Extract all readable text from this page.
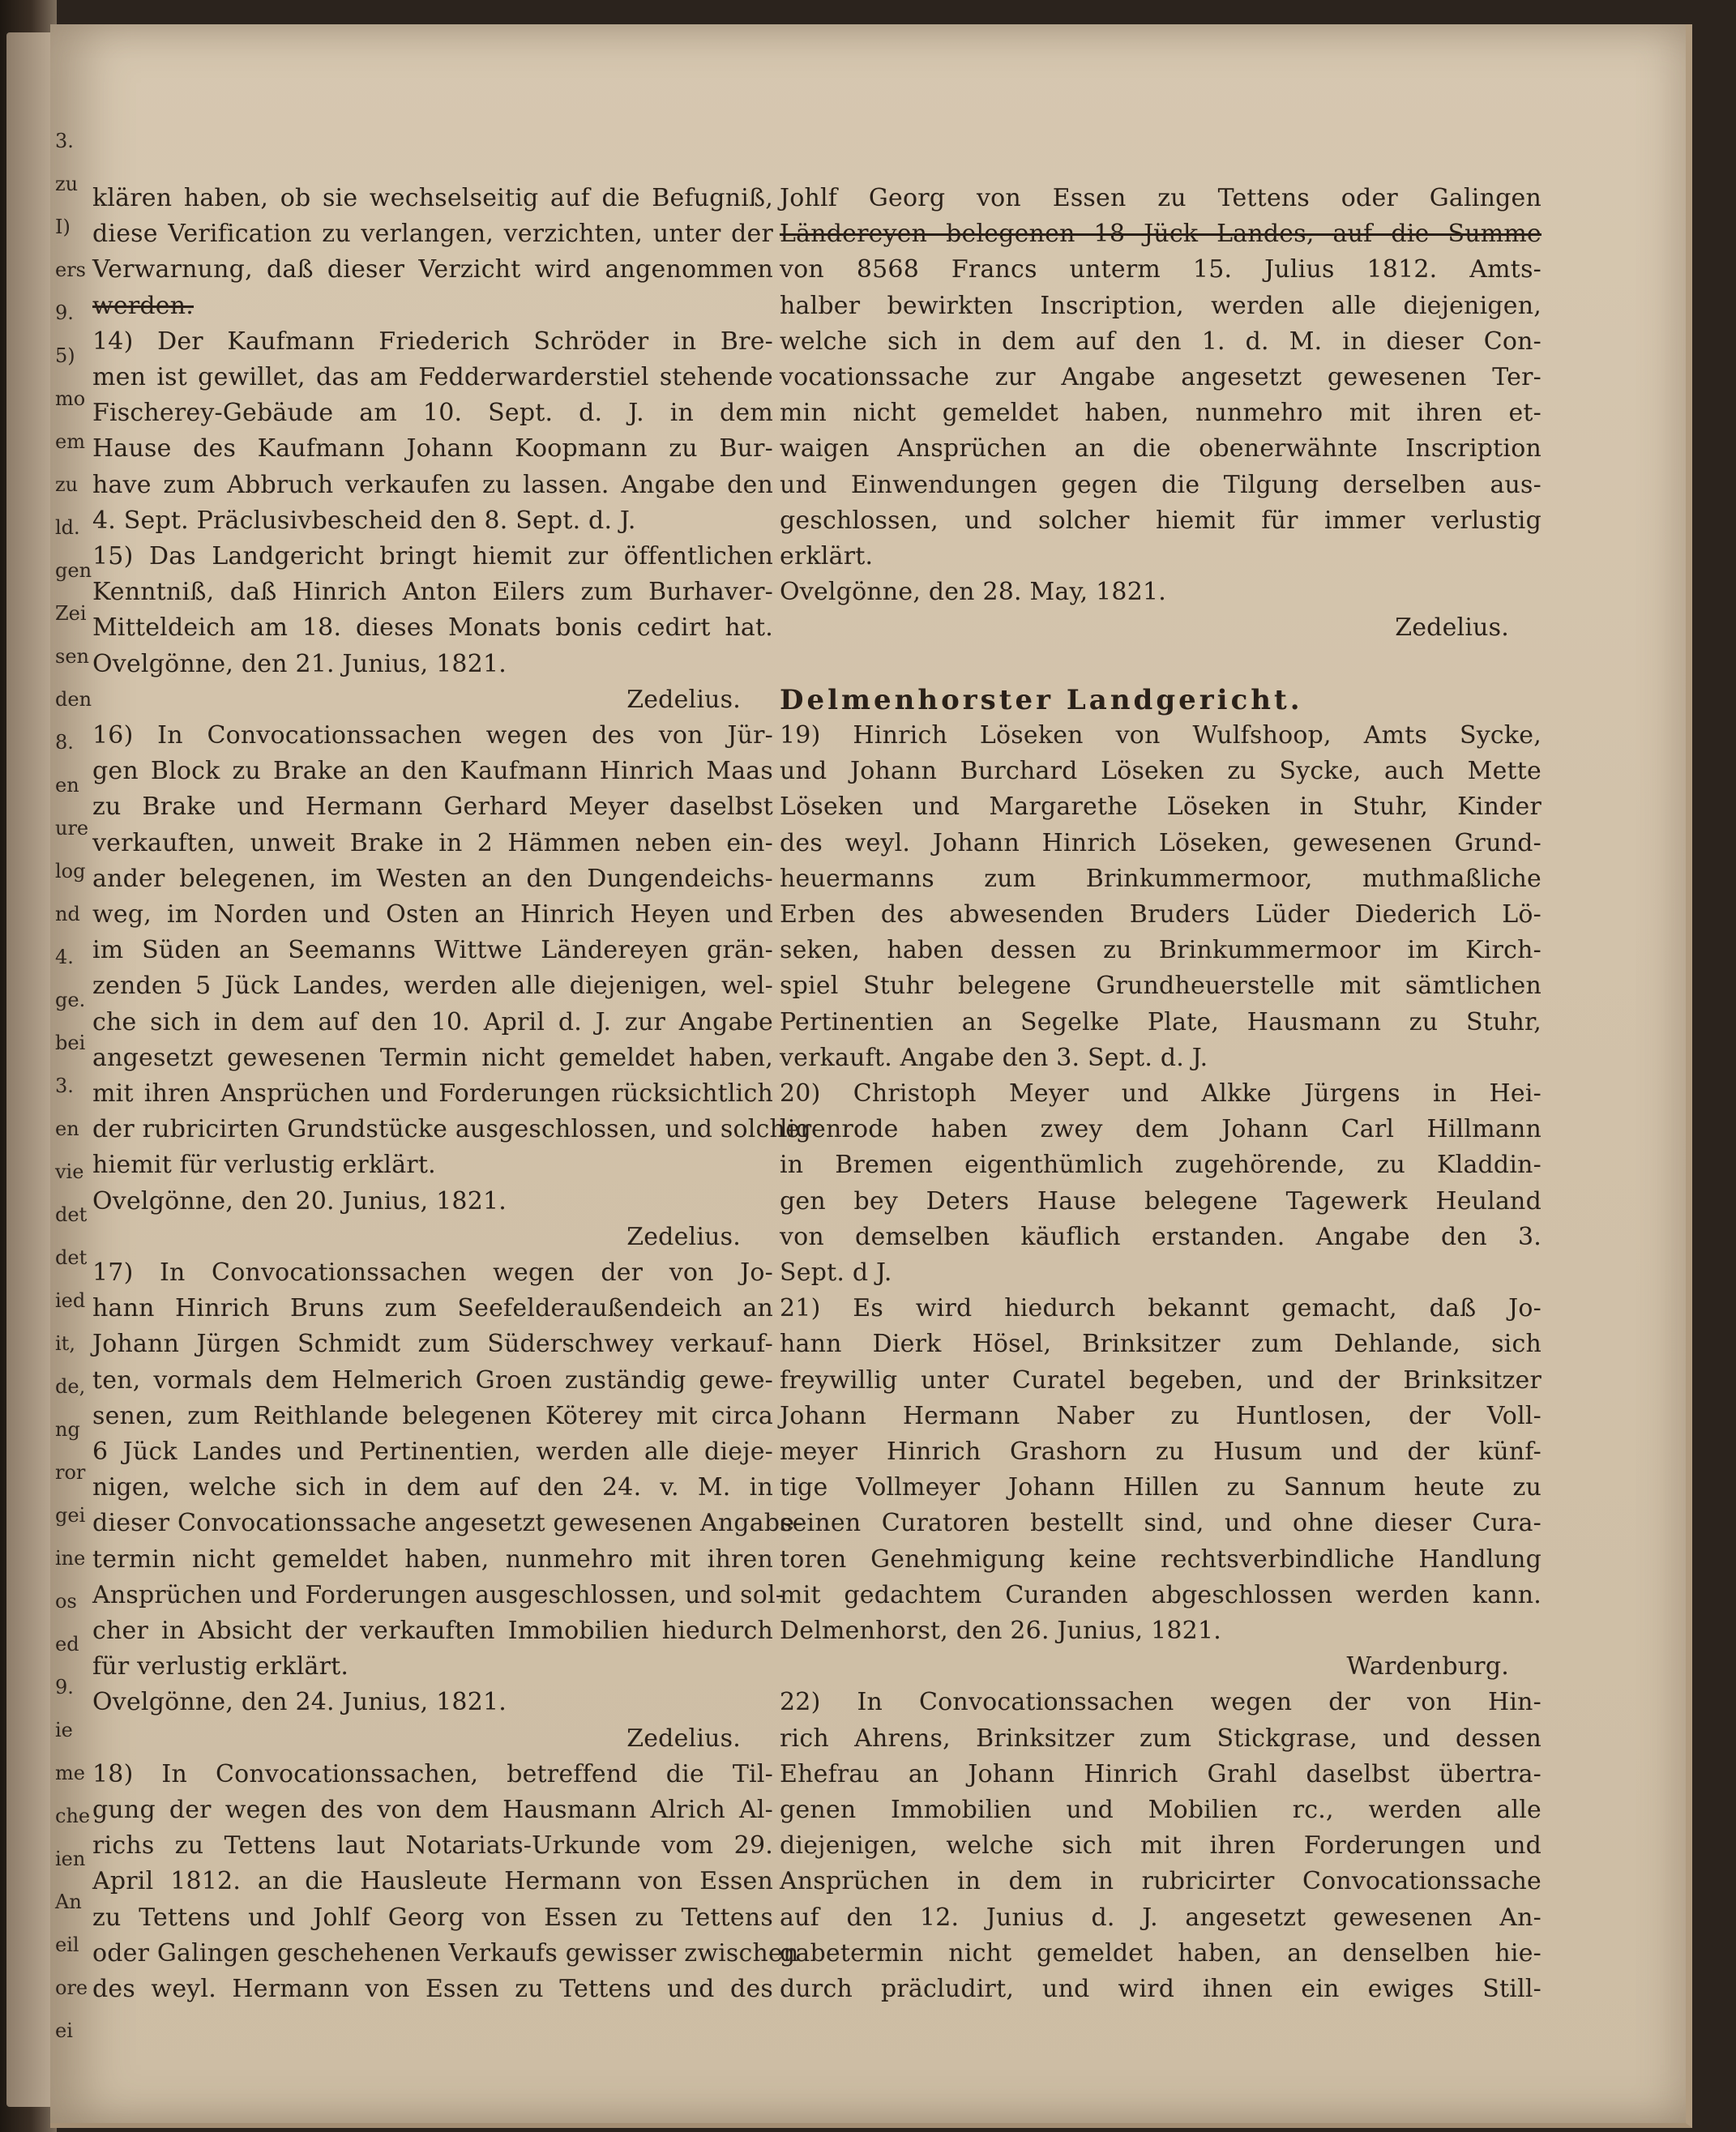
3.
zu
I)
ers
9.
5)
mo
em
zu
ld.
gen
Zei
sen
den
8.
en
ure
log
nd
4.
ge.
bei
3.
en
vie
det
det
ied
it,
de,
ng
ror
gei
ine
os
ed
9.
ie
me
che
ien
An
eil
ore
ei
klären haben, ob sie wechselseitig auf die Befugniß,
diese Verification zu verlangen, verzichten, unter der
Verwarnung, daß dieser Verzicht wird angenommen
werden.
14) Der Kaufmann Friederich Schröder in Bre-
men ist gewillet, das am Fedderwarderstiel stehende
Fischerey-Gebäude am 10. Sept. d. J. in dem
Hause des Kaufmann Johann Koopmann zu Bur-
have zum Abbruch verkaufen zu lassen. Angabe den
4. Sept. Präclusivbescheid den 8. Sept. d. J.
15) Das Landgericht bringt hiemit zur öffentlichen
Kenntniß, daß Hinrich Anton Eilers zum Burhaver-
Mitteldeich am 18. dieses Monats bonis cedirt hat.
Ovelgönne, den 21. Junius, 1821.
Zedelius.
16) In Convocationssachen wegen des von Jür-
gen Block zu Brake an den Kaufmann Hinrich Maas
zu Brake und Hermann Gerhard Meyer daselbst
verkauften, unweit Brake in 2 Hämmen neben ein-
ander belegenen, im Westen an den Dungendeichs-
weg, im Norden und Osten an Hinrich Heyen und
im Süden an Seemanns Wittwe Ländereyen grän-
zenden 5 Jück Landes, werden alle diejenigen, wel-
che sich in dem auf den 10. April d. J. zur Angabe
angesetzt gewesenen Termin nicht gemeldet haben,
mit ihren Ansprüchen und Forderungen rücksichtlich
der rubricirten Grundstücke ausgeschlossen, und solcher
hiemit für verlustig erklärt.
Ovelgönne, den 20. Junius, 1821.
Zedelius.
17) In Convocationssachen wegen der von Jo-
hann Hinrich Bruns zum Seefelderaußendeich an
Johann Jürgen Schmidt zum Süderschwey verkauf-
ten, vormals dem Helmerich Groen zuständig gewe-
senen, zum Reithlande belegenen Köterey mit circa
6 Jück Landes und Pertinentien, werden alle dieje-
nigen, welche sich in dem auf den 24. v. M. in
dieser Convocationssache angesetzt gewesenen Angabe-
termin nicht gemeldet haben, nunmehro mit ihren
Ansprüchen und Forderungen ausgeschlossen, und sol-
cher in Absicht der verkauften Immobilien hiedurch
für verlustig erklärt.
Ovelgönne, den 24. Junius, 1821.
Zedelius.
18) In Convocationssachen, betreffend die Til-
gung der wegen des von dem Hausmann Alrich Al-
richs zu Tettens laut Notariats-Urkunde vom 29.
April 1812. an die Hausleute Hermann von Essen
zu Tettens und Johlf Georg von Essen zu Tettens
oder Galingen geschehenen Verkaufs gewisser zwischen
des weyl. Hermann von Essen zu Tettens und des
Johlf Georg von Essen zu Tettens oder Galingen
Ländereyen belegenen 18 Jück Landes, auf die Summe
von 8568 Francs unterm 15. Julius 1812. Amts-
halber bewirkten Inscription, werden alle diejenigen,
welche sich in dem auf den 1. d. M. in dieser Con-
vocationssache zur Angabe angesetzt gewesenen Ter-
min nicht gemeldet haben, nunmehro mit ihren et-
waigen Ansprüchen an die obenerwähnte Inscription
und Einwendungen gegen die Tilgung derselben aus-
geschlossen, und solcher hiemit für immer verlustig
erklärt.
Ovelgönne, den 28. May, 1821.
Zedelius.
Delmenhorster Landgericht.
19) Hinrich Löseken von Wulfshoop, Amts Sycke,
und Johann Burchard Löseken zu Sycke, auch Mette
Löseken und Margarethe Löseken in Stuhr, Kinder
des weyl. Johann Hinrich Löseken, gewesenen Grund-
heuermanns zum Brinkummermoor, muthmaßliche
Erben des abwesenden Bruders Lüder Diederich Lö-
seken, haben dessen zu Brinkummermoor im Kirch-
spiel Stuhr belegene Grundheuerstelle mit sämtlichen
Pertinentien an Segelke Plate, Hausmann zu Stuhr,
verkauft. Angabe den 3. Sept. d. J.
20) Christoph Meyer und Alkke Jürgens in Hei-
ligenrode haben zwey dem Johann Carl Hillmann
in Bremen eigenthümlich zugehörende, zu Kladdin-
gen bey Deters Hause belegene Tagewerk Heuland
von demselben käuflich erstanden. Angabe den 3.
Sept. d J.
21) Es wird hiedurch bekannt gemacht, daß Jo-
hann Dierk Hösel, Brinksitzer zum Dehlande, sich
freywillig unter Curatel begeben, und der Brinksitzer
Johann Hermann Naber zu Huntlosen, der Voll-
meyer Hinrich Grashorn zu Husum und der künf-
tige Vollmeyer Johann Hillen zu Sannum heute zu
seinen Curatoren bestellt sind, und ohne dieser Cura-
toren Genehmigung keine rechtsverbindliche Handlung
mit gedachtem Curanden abgeschlossen werden kann.
Delmenhorst, den 26. Junius, 1821.
Wardenburg.
22) In Convocationssachen wegen der von Hin-
rich Ahrens, Brinksitzer zum Stickgrase, und dessen
Ehefrau an Johann Hinrich Grahl daselbst übertra-
genen Immobilien und Mobilien rc., werden alle
diejenigen, welche sich mit ihren Forderungen und
Ansprüchen in dem in rubricirter Convocationssache
auf den 12. Junius d. J. angesetzt gewesenen An-
gabetermin nicht gemeldet haben, an denselben hie-
durch präcludirt, und wird ihnen ein ewiges Still-
